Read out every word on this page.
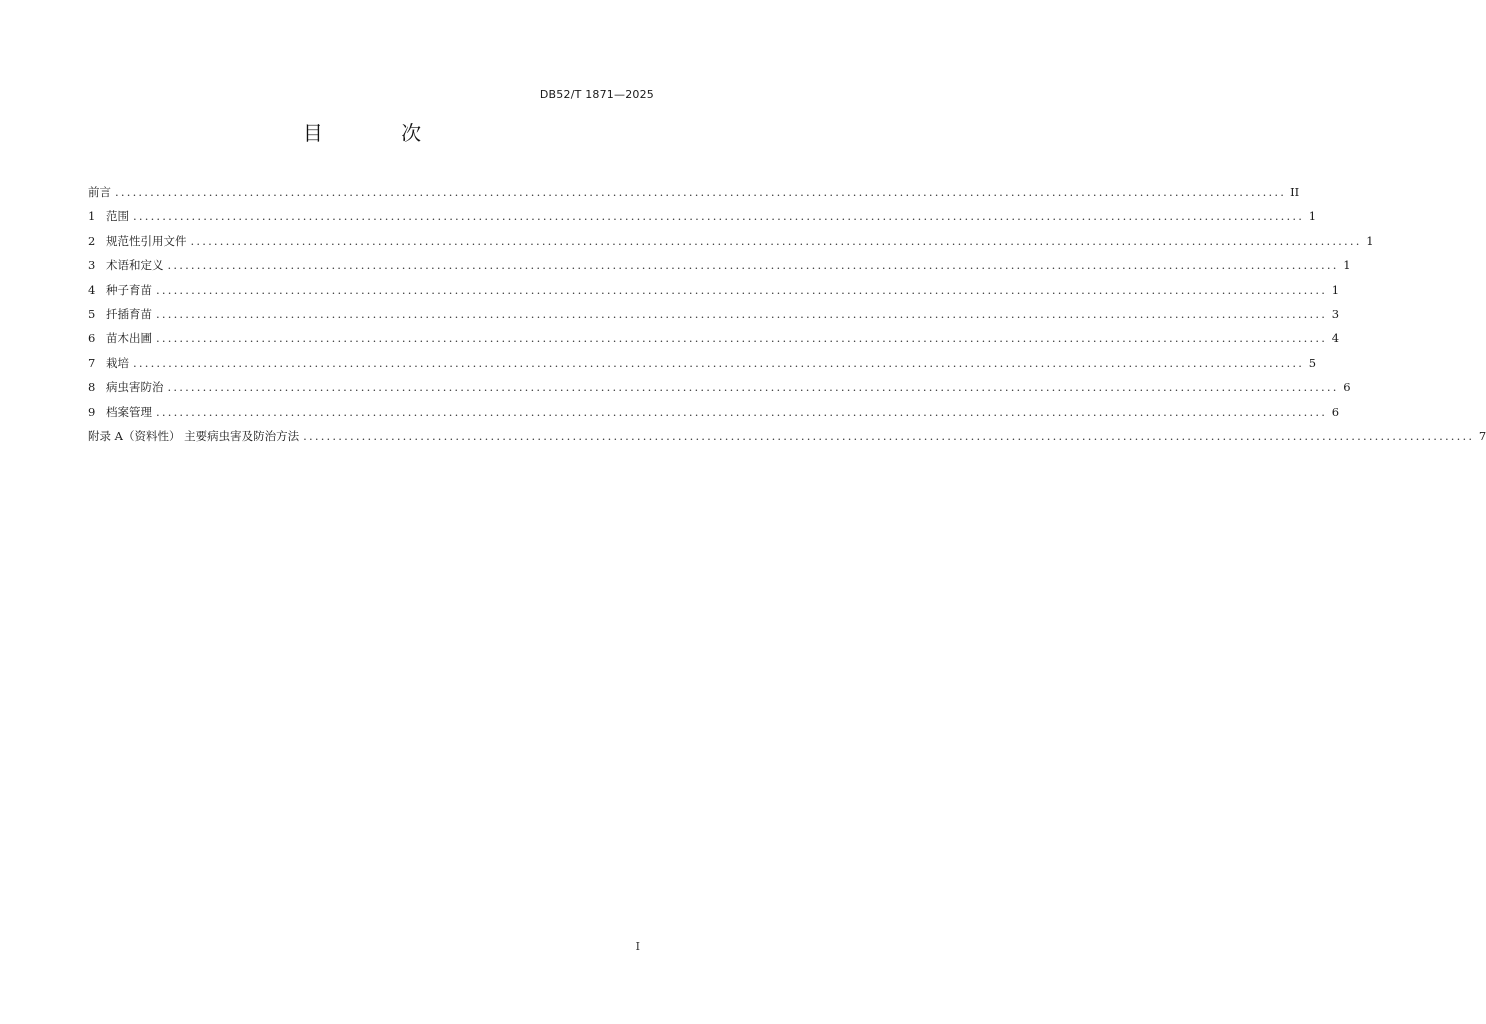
DB52/T 1871—2025
目 次
前言 ........................................................................................................................................................................................................ II
1 范围 ........................................................................................................................................................................................................ 1
2 规范性引用文件 ........................................................................................................................................................................................................ 1
3 术语和定义 ........................................................................................................................................................................................................ 1
4 种子育苗 ........................................................................................................................................................................................................ 1
5 扦插育苗 ........................................................................................................................................................................................................ 3
6 苗木出圃 ........................................................................................................................................................................................................ 4
7 栽培 ........................................................................................................................................................................................................ 5
8 病虫害防治 ........................................................................................................................................................................................................ 6
9 档案管理 ........................................................................................................................................................................................................ 6
附录 A（资料性） 主要病虫害及防治方法 ........................................................................................................................................................................................................ 7
I
